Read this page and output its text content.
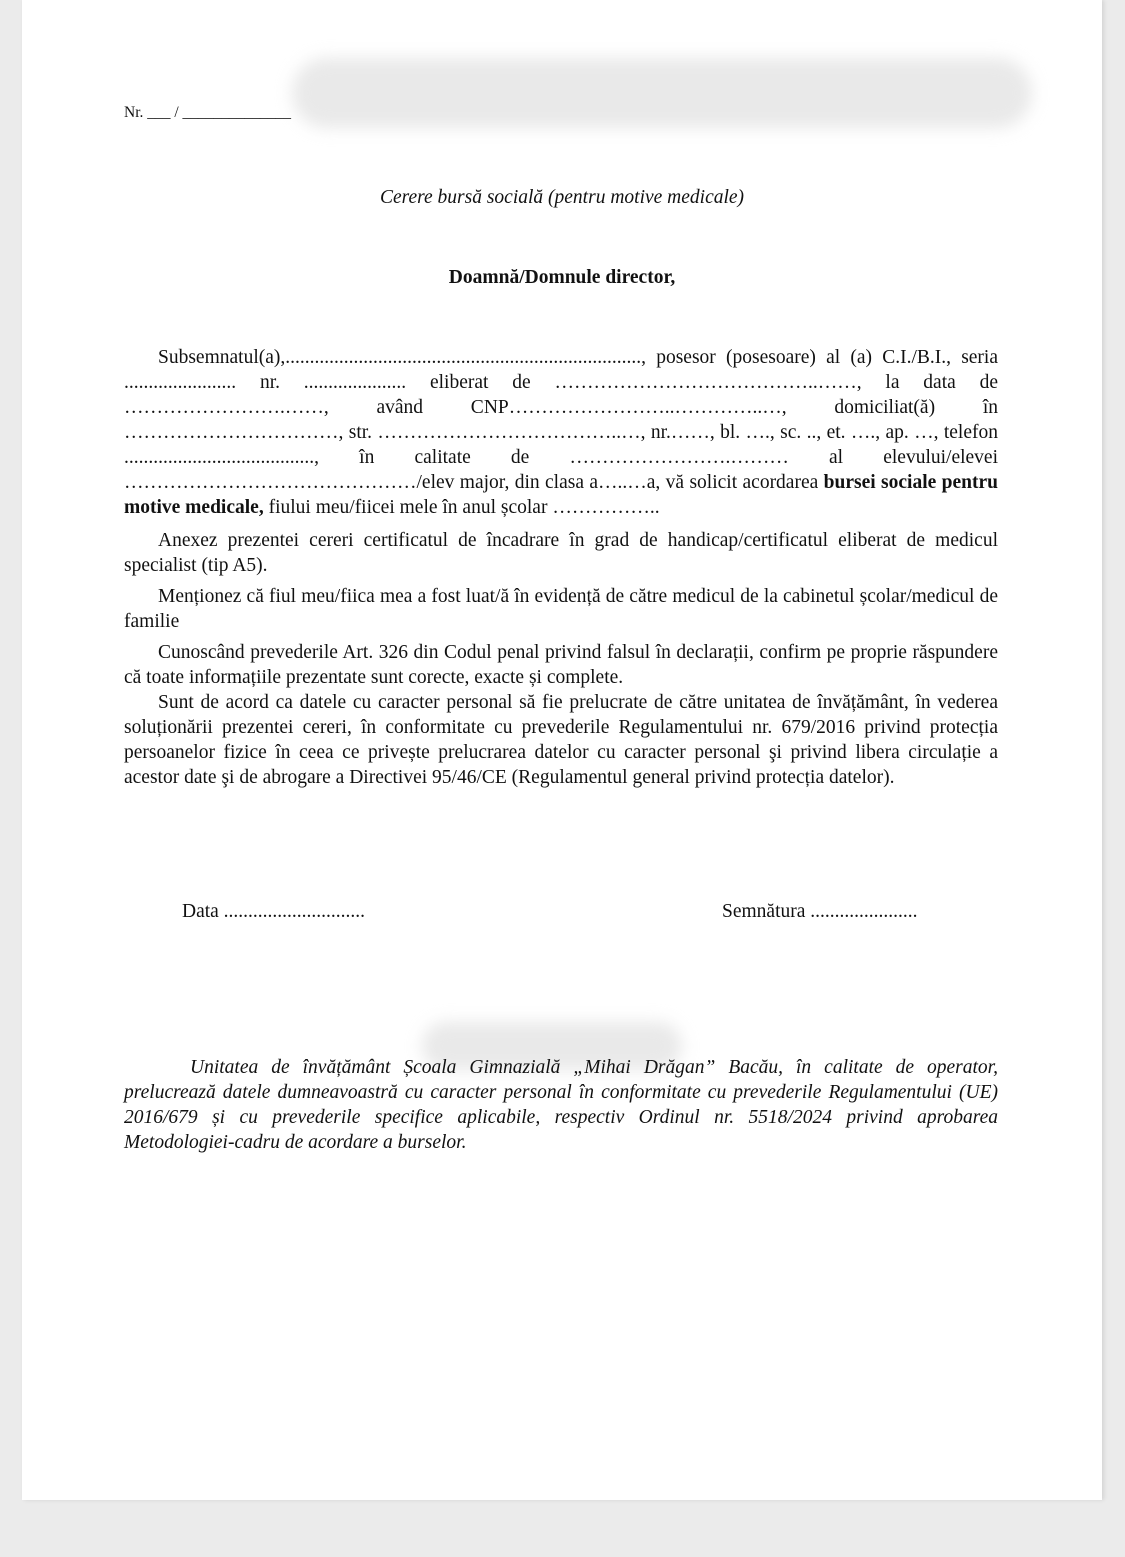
Nr. ___ / ______________
Cerere bursă socială (pentru motive medicale)
Doamnă/Domnule director,

Subsemnatul(a),........................................................................., posesor (posesoare) al (a) C.I./B.I., seria ....................... nr. ..................... eliberat de …………………………………..……, la data de …………………….……, având CNP……………………..…………..…, domiciliat(ă) în ……………………………, str. ………………………………..…, nr.……, bl. …., sc. .., et. …., ap. …, telefon ......................................., în calitate de …………………….……… al elevului/elevei ………………………………………/elev major, din clasa a…..…a, vă solicit acordarea bursei sociale pentru motive medicale, fiului meu/fiicei mele în anul școlar ……………..

Anexez prezentei cereri certificatul de încadrare în grad de handicap/certificatul eliberat de medicul specialist (tip A5).

Menționez că fiul meu/fiica mea a fost luat/ă în evidență de către medicul de la cabinetul școlar/medicul de familie

Cunoscând prevederile Art. 326 din Codul penal privind falsul în declarații, confirm pe proprie răspundere că toate informațiile prezentate sunt corecte, exacte și complete.

Sunt de acord ca datele cu caracter personal să fie prelucrate de către unitatea de învățământ, în vederea soluționării prezentei cereri, în conformitate cu prevederile Regulamentului nr. 679/2016 privind protecția persoanelor fizice în ceea ce privește prelucrarea datelor cu caracter personal şi privind libera circulație a acestor date şi de abrogare a Directivei 95/46/CE (Regulamentul general privind protecția datelor).

Data .............................	Semnătura ......................

Unitatea de învățământ Școala Gimnazială „Mihai Drăgan” Bacău, în calitate de operator, prelucrează datele dumneavoastră cu caracter personal în conformitate cu prevederile Regulamentului (UE) 2016/679 și cu prevederile specifice aplicabile, respectiv Ordinul nr. 5518/2024 privind aprobarea Metodologiei-cadru de acordare a burselor.
